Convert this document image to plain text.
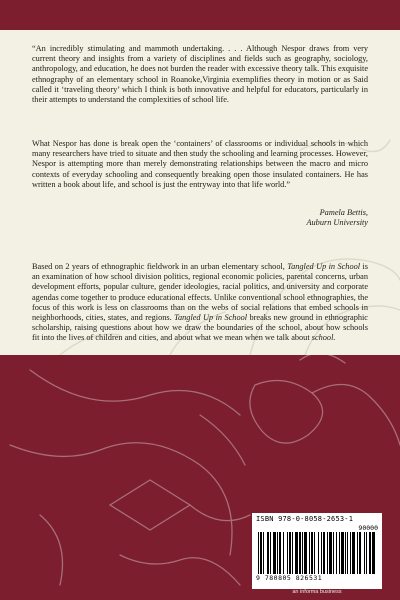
“An incredibly stimulating and mammoth undertaking. . . . Although Nespor draws from very current theory and insights from a variety of disciplines and fields such as geography, sociology, anthropology, and education, he does not burden the reader with excessive theory talk. This exquisite ethnography of an elementary school in Roanoke,Virginia exemplifies theory in motion or as Said called it ‘traveling theory’ which I think is both innovative and helpful for educators, particularly in their attempts to understand the complexities of school life.

What Nespor has done is break open the ‘containers’ of classrooms or individual schools in which many researchers have tried to situate and then study the schooling and learning processes. However, Nespor is attempting more than merely demonstrating relationships between the macro and micro contexts of everyday schooling and consequently breaking open those insulated containers. He has written a book about life, and school is just the entryway into that life world.”

Pamela Bettis,
Auburn University

Based on 2 years of ethnographic fieldwork in an urban elementary school, Tangled Up in School is an examination of how school division politics, regional economic policies, parental concerns, urban development efforts, popular culture, gender ideologies, racial politics, and university and corporate agendas come together to produce educational effects. Unlike conventional school ethnographies, the focus of this work is less on classrooms than on the webs of social relations that embed schools in neighborhoods, cities, states, and regions. Tangled Up in School breaks new ground in ethnographic scholarship, raising questions about how we draw the boundaries of the school, about how schools fit into the lives of children and cities, and about what we mean when we talk about school.

ISBN 978-0-8058-2653-1
90000
9 780805 826531
an informa business
